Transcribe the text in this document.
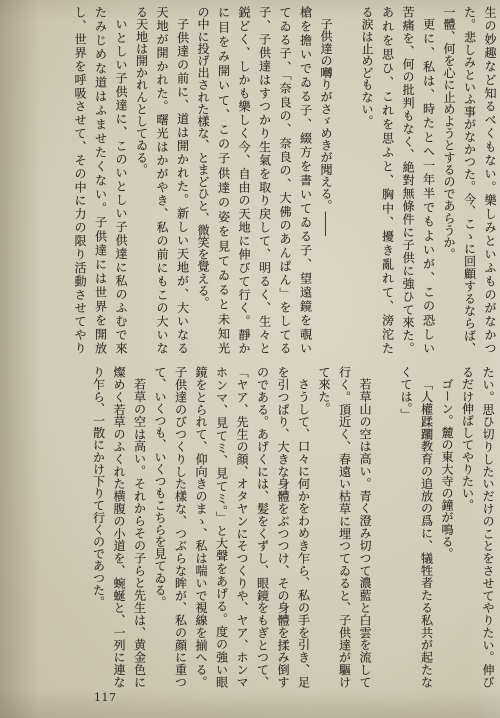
生の妙趣など知るべくもない。樂しみといふものがなかつ
た。悲しみといふ事がなかつた。今、こゝに回顧するならば、
一體、何を心に止めようとするのであらうか。
更に、私は、時たとへ一年半でもよいが、この恐しい
苦痛を、何の批判もなく、絶對無條件に子供に強ひて來た。
あれを思ひ、これを思ふと、胸中、擾き亂れて、滂沱た
る涙は止めどもない。
子供達の囀りがさゞめきが聞える。――
槍を擔いでゐる子、綴方を書いてゐる子、望遠鏡を覗い
てゐる子、「奈良の、奈良の、大佛のあんぱん」をしてる
子、子供達はすつかり生氣を取り戻して、明るく、生々と
鋭どく、しかも樂しく今、自由の天地に伸びて行く。靜か
に目をみ開いて、この子供達の姿を見てゐると未知光
の中に投げ出された樣な、とまどひと、微笑を覺える。
子供達の前に、道は開かれた。新しい天地が、大いなる
天地が開かれた。曙光はかがやき、私の前にもこの大いな
る天地は開かれんとしてゐる。
いとしい子供達に、このいとしい子供達に私のふむで來
たみじめな道はふませたくない。子供達には世界を開放
し、世界を呼吸させて、その中に力の限り活動させてやり
たい。思ひ切りしたいだけのことをさせてやりたい。伸び
るだけ伸ばしてやりたい。
ゴーン。麓の東大寺の鐘が鳴る。
「人權蹂躙教育の追放の爲に、犠牲者たる私共が起たな
くては。」
若草山の空は高い。青く澄み切つて濃藍と白雲を流して
行く。頂近く、春遠い枯草に埋つてゐると、子供達が驅け
て來た。
さうして、口々に何かをわめき乍ら、私の手を引き、足
を引つぱり、大きな身體をぶつつけ、その身體を揉み倒す
のである。あげくには、髪をくずし、眼鏡をもぎとつて、
「ヤア、先生の顔、オタヤンにそつくりや、ヤア、ホンマ
ホンマ、見てミ、見てミ。」と大聲をあげる。度の強い眼
鏡をとられて、仰向きのまゝ、私は喘いで視線を揃へる。
子供達のびつくりした樣な、つぶらな眸が、私の顔に重つ
て、いくつも、いくつもこちらを見てゐる。
若草の空は高い。それからその子らと先生は、黄金色に
燦めく若草のふくれた横腹の小道を、蜿蜒と、一列に連な
り乍ら、一散にかけ下りて行くのであつた。
117
